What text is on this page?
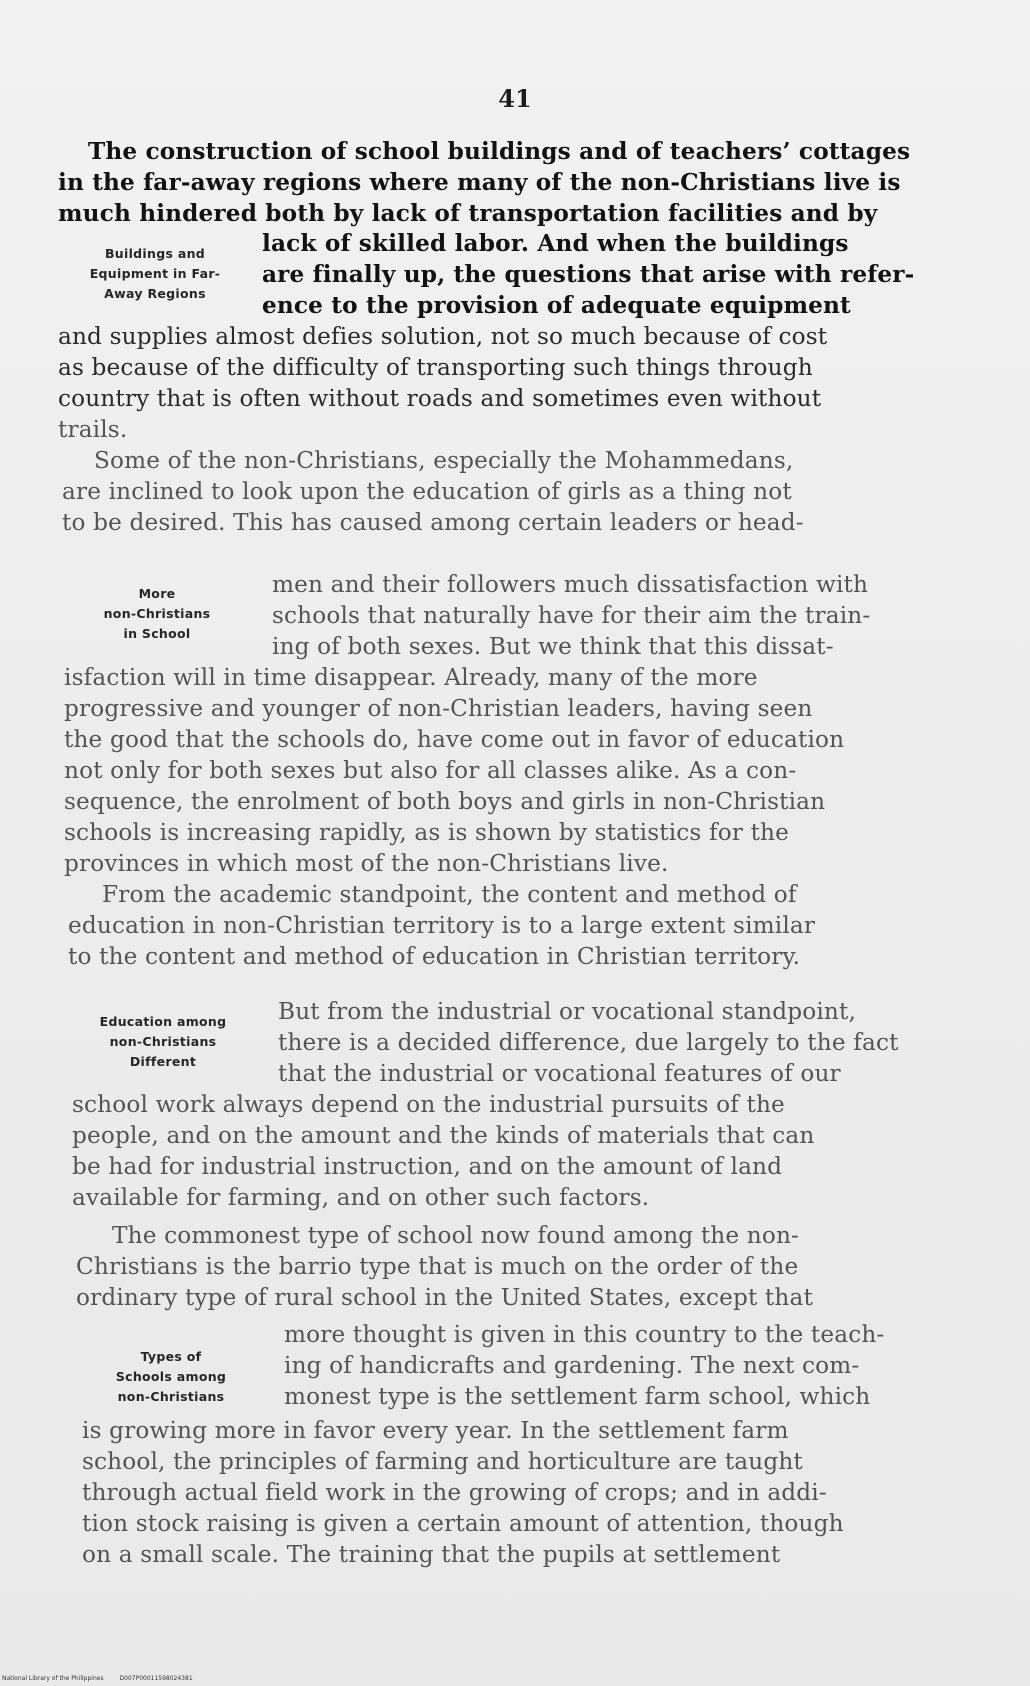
41
The construction of school buildings and of teachers’ cottages
in the far-away regions where many of the non-Christians live is
much hindered both by lack of transportation facilities and by
Buildings and
Equipment in Far-
Away Regions
lack of skilled labor. And when the buildings
are finally up, the questions that arise with refer-
ence to the provision of adequate equipment
and supplies almost defies solution, not so much because of cost
as because of the difficulty of transporting such things through
country that is often without roads and sometimes even without
trails.
Some of the non-Christians, especially the Mohammedans,
are inclined to look upon the education of girls as a thing not
to be desired. This has caused among certain leaders or head-
More
non-Christians
in School
men and their followers much dissatisfaction with
schools that naturally have for their aim the train-
ing of both sexes. But we think that this dissat-
isfaction will in time disappear. Already, many of the more
progressive and younger of non-Christian leaders, having seen
the good that the schools do, have come out in favor of education
not only for both sexes but also for all classes alike. As a con-
sequence, the enrolment of both boys and girls in non-Christian
schools is increasing rapidly, as is shown by statistics for the
provinces in which most of the non-Christians live.
From the academic standpoint, the content and method of
education in non-Christian territory is to a large extent similar
to the content and method of education in Christian territory.
Education among
non-Christians
Different
But from the industrial or vocational standpoint,
there is a decided difference, due largely to the fact
that the industrial or vocational features of our
school work always depend on the industrial pursuits of the
people, and on the amount and the kinds of materials that can
be had for industrial instruction, and on the amount of land
available for farming, and on other such factors.
The commonest type of school now found among the non-
Christians is the barrio type that is much on the order of the
ordinary type of rural school in the United States, except that
Types of
Schools among
non-Christians
more thought is given in this country to the teach-
ing of handicrafts and gardening. The next com-
monest type is the settlement farm school, which
is growing more in favor every year. In the settlement farm
school, the principles of farming and horticulture are taught
through actual field work in the growing of crops; and in addi-
tion stock raising is given a certain amount of attention, though
on a small scale. The training that the pupils at settlement
National Library of the Philippines	D007P00011598024381
